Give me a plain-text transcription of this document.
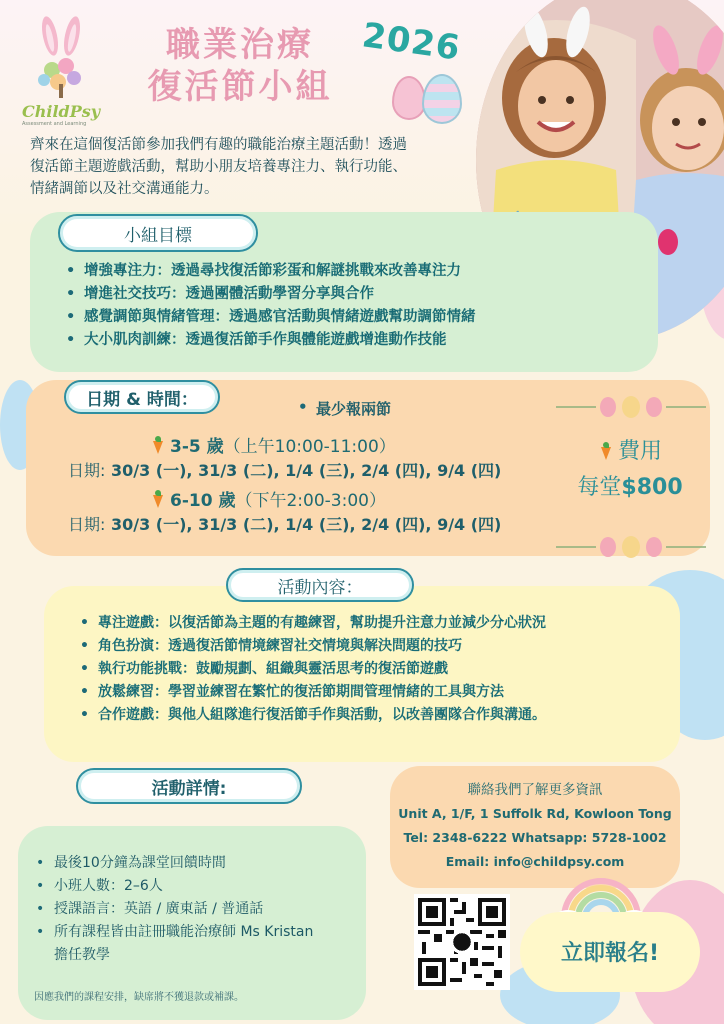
ChildPsy
Assessment and Learning
職業治療
復活節小組
2026
齊來在這個復活節參加我們有趣的職能治療主題活動！透過
復活節主題遊戲活動，幫助小朋友培養專注力、執行功能、
情緒調節以及社交溝通能力。
小組目標
• 增強專注力：透過尋找復活節彩蛋和解謎挑戰來改善專注力
• 增進社交技巧：透過團體活動學習分享與合作
• 感覺調節與情緒管理：透過感官活動與情緒遊戲幫助調節情緒
• 大小肌肉訓練：透過復活節手作與體能遊戲增進動作技能
日期 & 時間：
•	最少報兩節
3-5 歲（上午10:00-11:00）
日期: 30/3 (一), 31/3 (二), 1/4 (三), 2/4 (四), 9/4 (四)
6-10 歲（下午2:00-3:00）
日期: 30/3 (一), 31/3 (二), 1/4 (三), 2/4 (四), 9/4 (四)
費用
每堂$800
活動內容：
• 專注遊戲：以復活節為主題的有趣練習，幫助提升注意力並減少分心狀況
• 角色扮演：透過復活節情境練習社交情境與解決問題的技巧
• 執行功能挑戰：鼓勵規劃、組織與靈活思考的復活節遊戲
• 放鬆練習：學習並練習在繁忙的復活節期間管理情緒的工具與方法
• 合作遊戲：與他人組隊進行復活節手作與活動，以改善團隊合作與溝通。
活動詳情:
• 最後10分鐘為課堂回饋時間
• 小班人數：2–6人
• 授課語言：英語 / 廣東話 / 普通話
• 所有課程皆由註冊職能治療師 Ms Kristan
擔任教學
因應我們的課程安排，缺席將不獲退款或補課。
聯絡我們了解更多資訊
Unit A, 1/F, 1 Suffolk Rd, Kowloon Tong
Tel: 2348-6222 Whatsapp: 5728-1002
Email: info@childpsy.com
立即報名!
